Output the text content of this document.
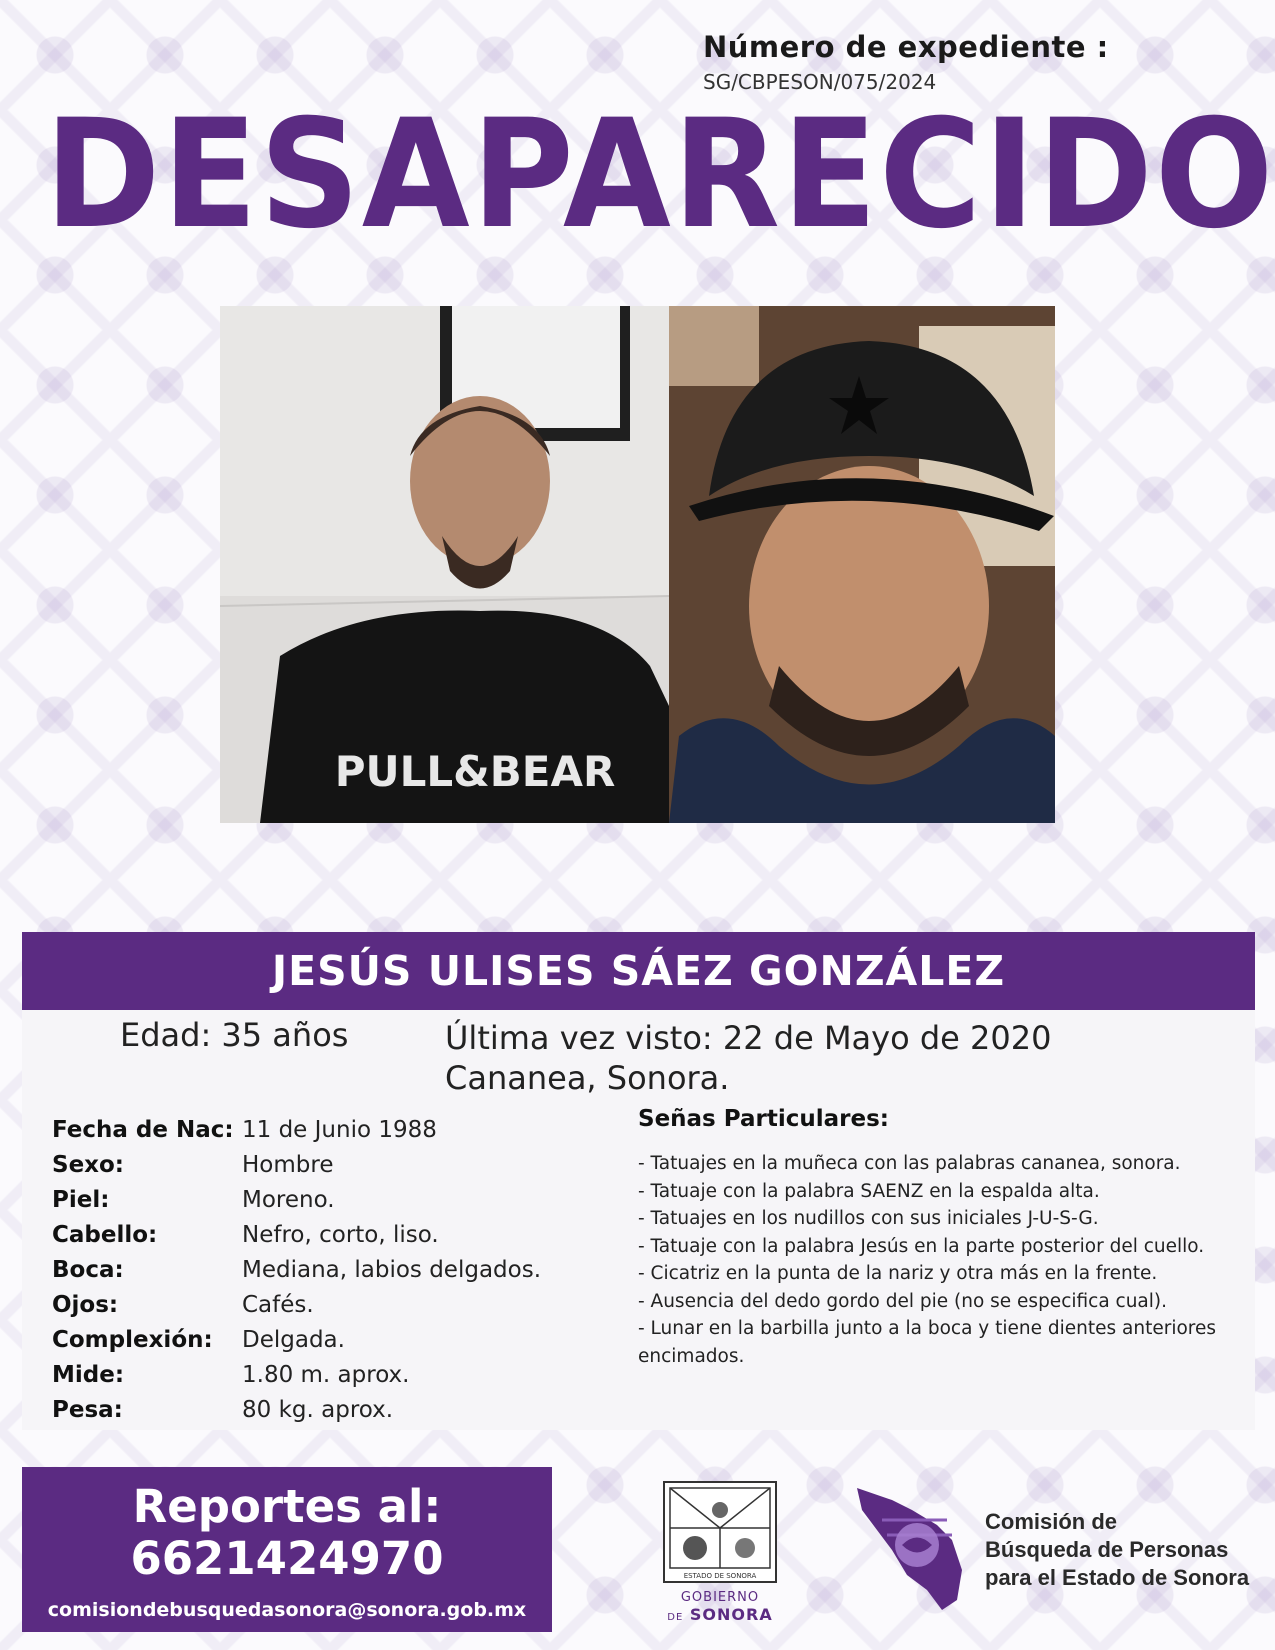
Número de expediente :
SG/CBPESON/075/2024
DESAPARECIDO
PULL&BEAR
JESÚS ULISES SÁEZ GONZÁLEZ
Edad: 35 años	Última vez visto: 22 de Mayo de 2020
Cananea, Sonora.
Fecha de Nac: 11 de Junio 1988
Sexo:	Hombre
Piel:	Moreno.
Cabello:	Nefro, corto, liso.
Boca:	Mediana, labios delgados.
Ojos:	Cafés.
Complexión:	Delgada.
Mide:	1.80 m. aprox.
Pesa:	80 kg. aprox.
Señas Particulares:
- Tatuajes en la muñeca con las palabras cananea, sonora.
- Tatuaje con la palabra SAENZ en la espalda alta.
- Tatuajes en los nudillos con sus iniciales J-U-S-G.
- Tatuaje con la palabra Jesús en la parte posterior del cuello.
- Cicatriz en la punta de la nariz y otra más en la frente.
- Ausencia del dedo gordo del pie (no se especifica cual).
- Lunar en la barbilla junto a la boca y tiene dientes anteriores encimados.
Reportes al:
6621424970
comisiondebusquedasonora@sonora.gob.mx
ESTADO DE SONORA
GOBIERNO
DE SONORA
Comisión de
Búsqueda de Personas
para el Estado de Sonora
